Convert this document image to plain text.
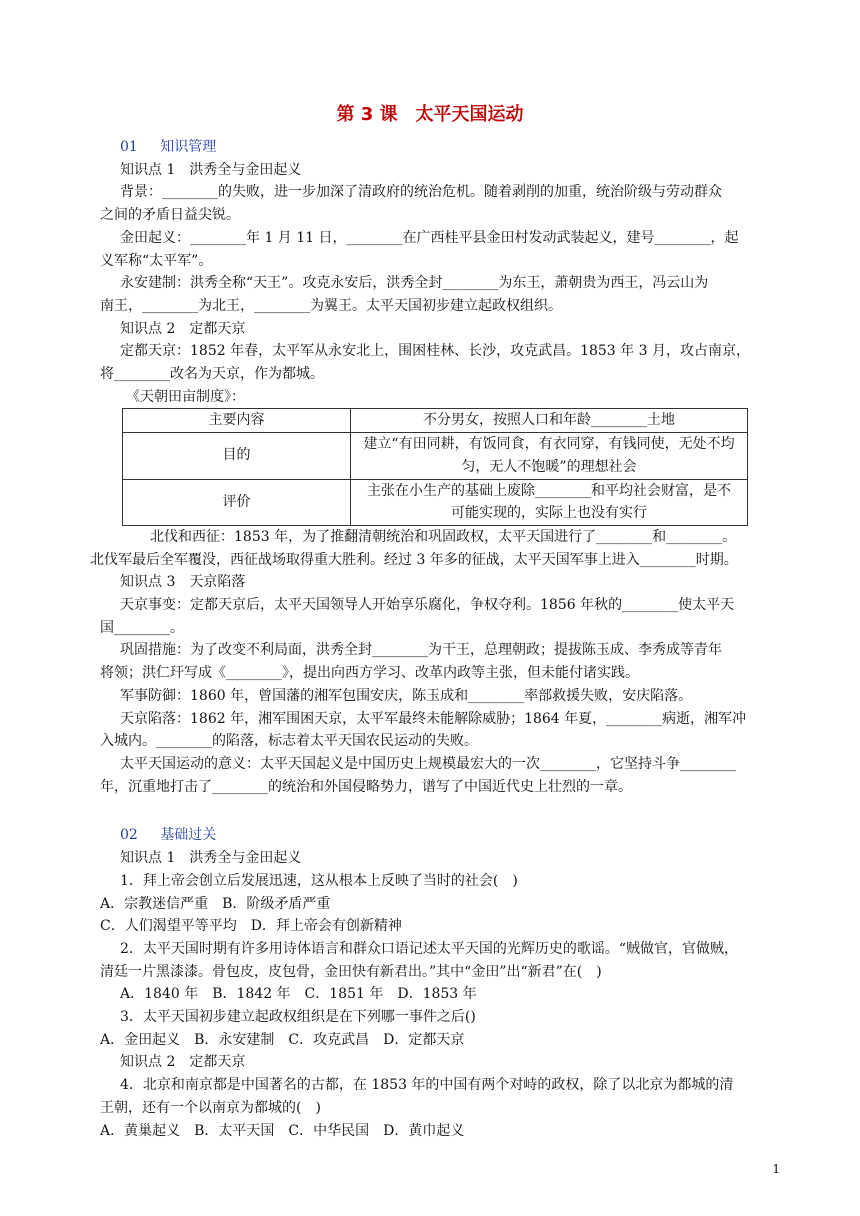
第 3 课　太平天国运动

01 知识管理

知识点 1　洪秀全与金田起义

背景：________的失败，进一步加深了清政府的统治危机。随着剥削的加重，统治阶级与劳动群众

之间的矛盾日益尖锐。

金田起义：________年 1 月 11 日，________在广西桂平县金田村发动武装起义，建号________，起

义军称“太平军”。

永安建制：洪秀全称“天王”。攻克永安后，洪秀全封________为东王，萧朝贵为西王，冯云山为

南王，________为北王，________为翼王。太平天国初步建立起政权组织。

知识点 2　定都天京

定都天京：1852 年春，太平军从永安北上，围困桂林、长沙，攻克武昌。1853 年 3 月，攻占南京，

将________改名为天京，作为都城。

《天朝田亩制度》：

主要内容	不分男女，按照人口和年龄________土地
目的	建立“有田同耕，有饭同食，有衣同穿，有钱同使，无处不均匀，无人不饱暖”的理想社会
评价	主张在小生产的基础上废除________和平均社会财富，是不可能实现的，实际上也没有实行

北伐和西征：1853 年，为了推翻清朝统治和巩固政权，太平天国进行了________和________。

北伐军最后全军覆没，西征战场取得重大胜利。经过 3 年多的征战，太平天国军事上进入________时期。

知识点 3　天京陷落

天京事变：定都天京后，太平天国领导人开始享乐腐化，争权夺利。1856 年秋的________使太平天

国________。

巩固措施：为了改变不利局面，洪秀全封________为干王，总理朝政；提拔陈玉成、李秀成等青年

将领；洪仁玕写成《________》，提出向西方学习、改革内政等主张，但未能付诸实践。

军事防御：1860 年，曾国藩的湘军包围安庆，陈玉成和________率部救援失败，安庆陷落。

天京陷落：1862 年，湘军围困天京，太平军最终未能解除威胁；1864 年夏，________病逝，湘军冲

入城内。________的陷落，标志着太平天国农民运动的失败。

太平天国运动的意义：太平天国起义是中国历史上规模最宏大的一次________，它坚持斗争________

年，沉重地打击了________的统治和外国侵略势力，谱写了中国近代史上壮烈的一章。

02 基础过关

知识点 1　洪秀全与金田起义

1．拜上帝会创立后发展迅速，这从根本上反映了当时的社会(　)

A．宗教迷信严重　B．阶级矛盾严重

C．人们渴望平等平均　D．拜上帝会有创新精神

2．太平天国时期有许多用诗体语言和群众口语记述太平天国的光辉历史的歌谣。“贼做官，官做贼，

清廷一片黑漆漆。骨包皮，皮包骨，金田快有新君出。”其中“金田”出“新君”在(　)

A．1840 年　B．1842 年　C．1851 年　D．1853 年

3．太平天国初步建立起政权组织是在下列哪一事件之后()

A．金田起义　B．永安建制　C．攻克武昌　D．定都天京

知识点 2　定都天京

4．北京和南京都是中国著名的古都，在 1853 年的中国有两个对峙的政权，除了以北京为都城的清

王朝，还有一个以南京为都城的(　)

A．黄巢起义　B．太平天国　C．中华民国　D．黄巾起义

1
